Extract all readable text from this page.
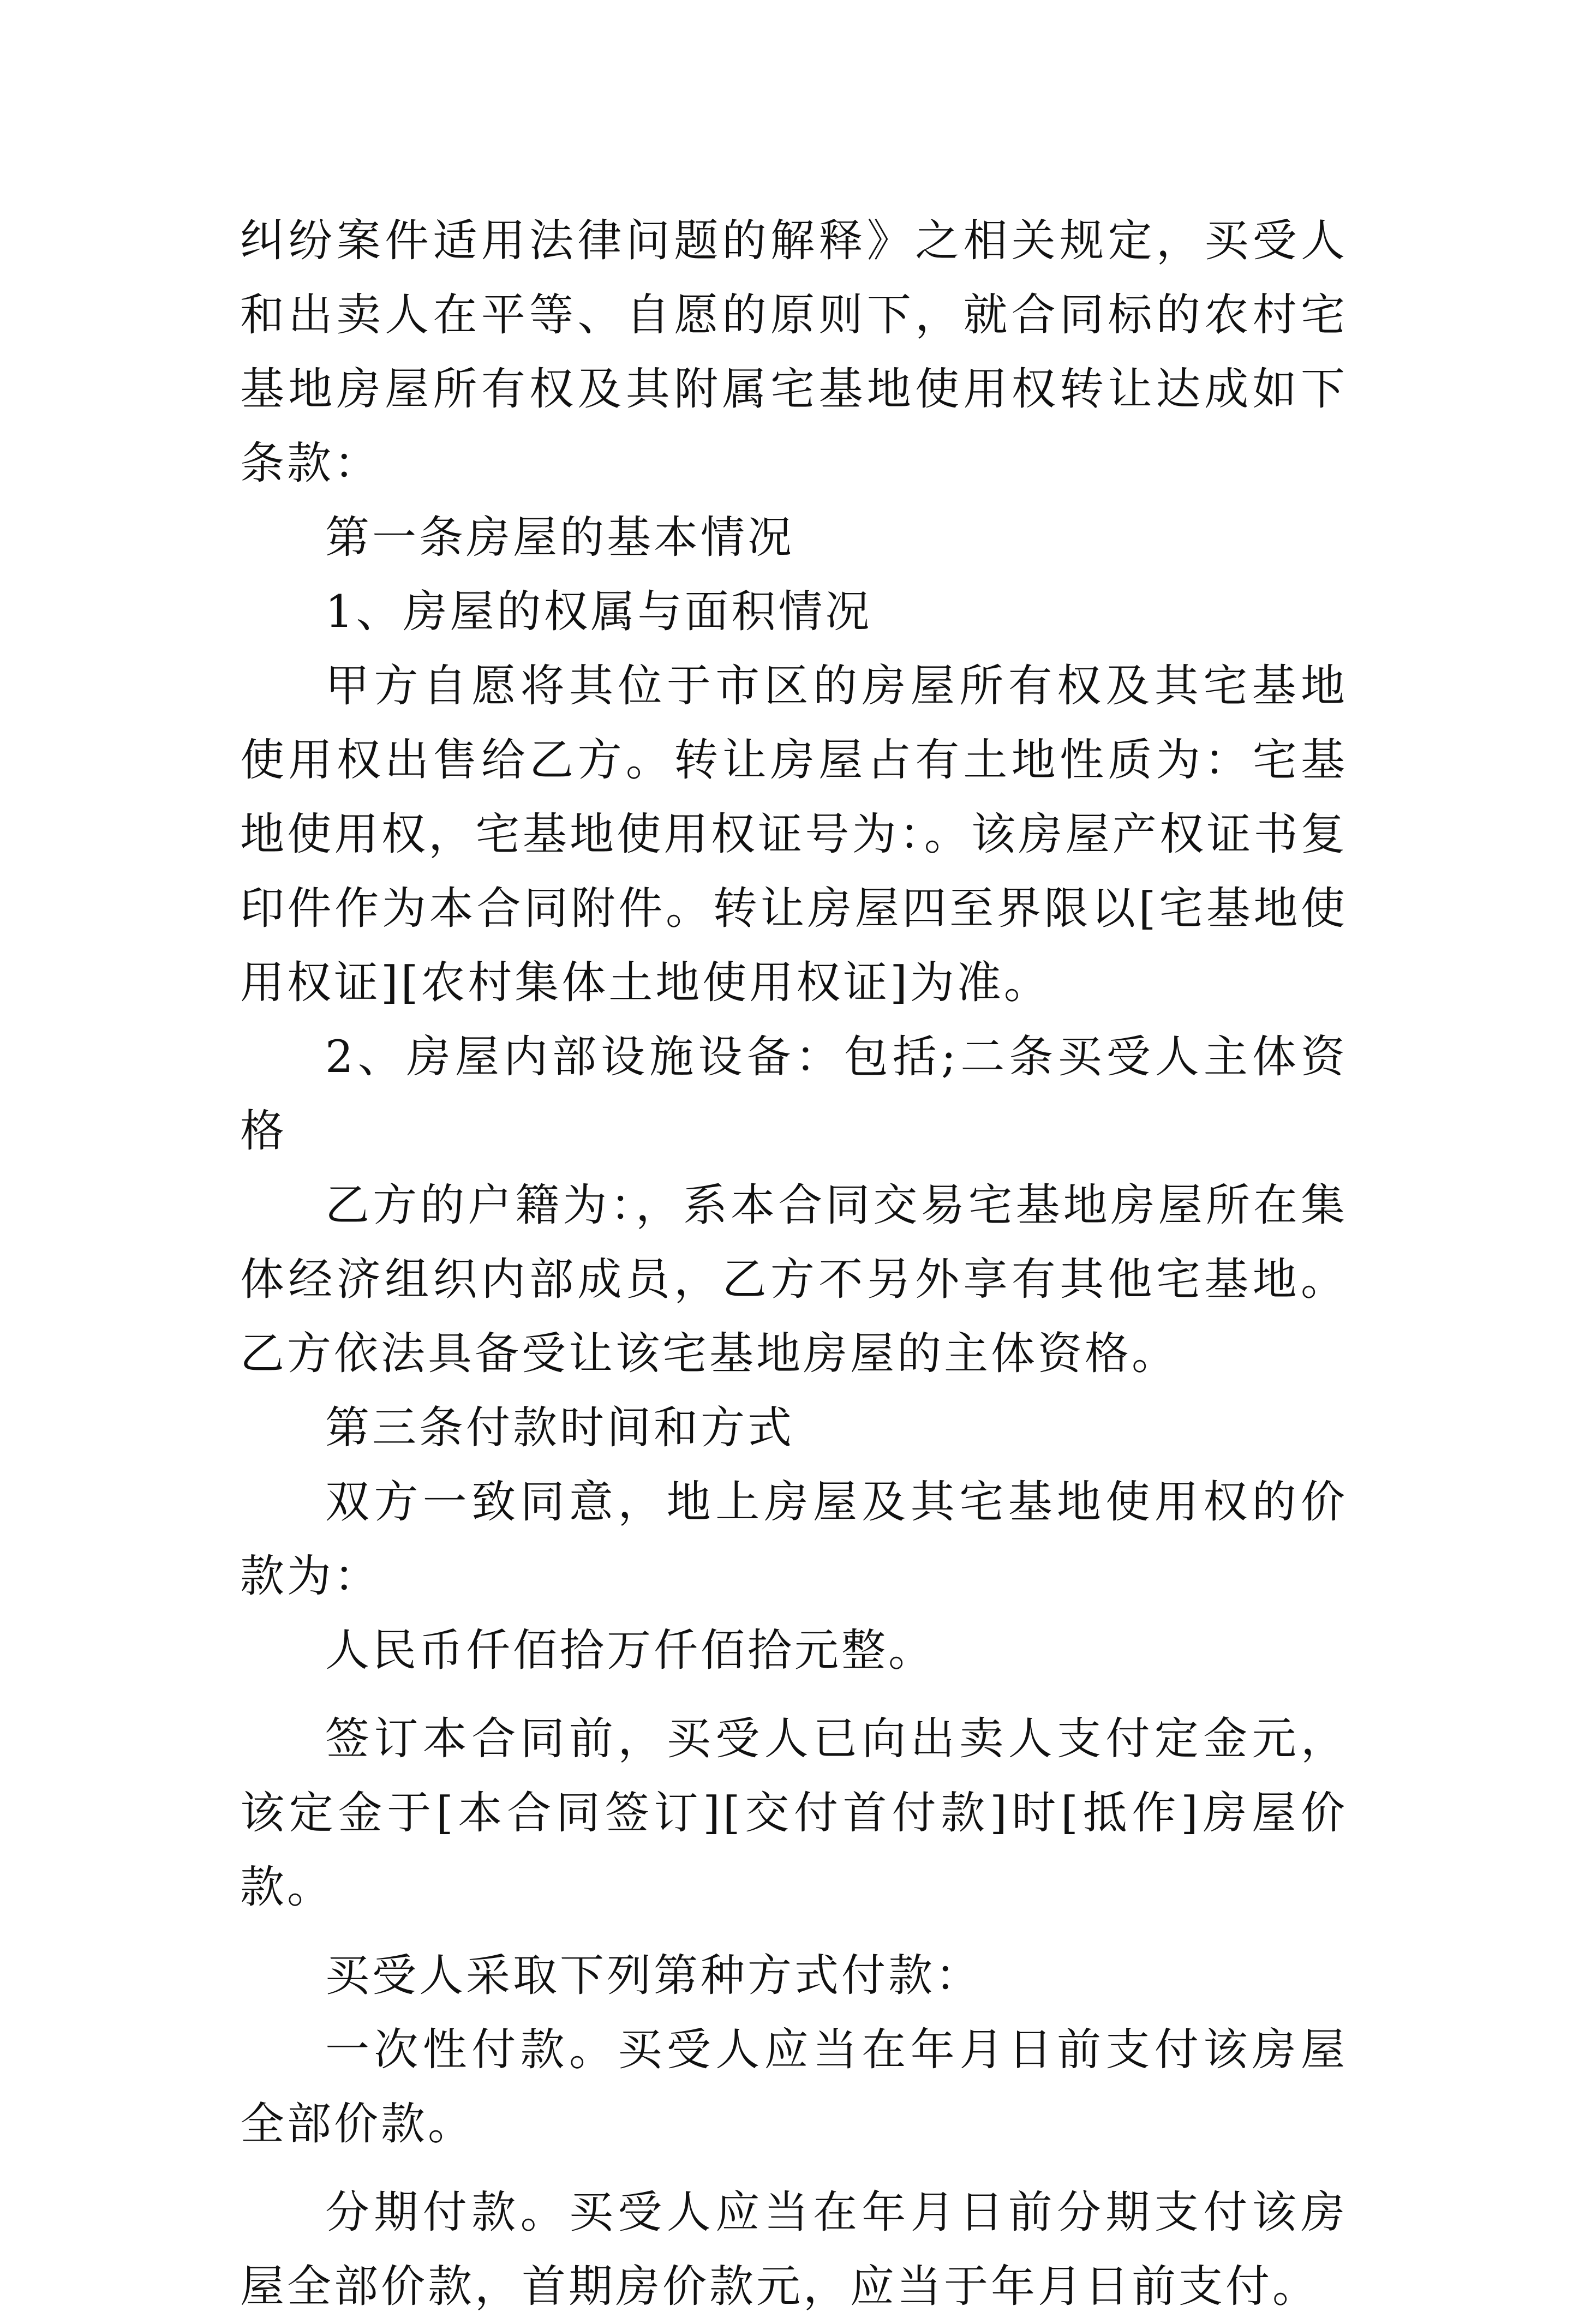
纠纷案件适用法律问题的解释》之相关规定，买受人和出卖人在平等、自愿的原则下，就合同标的农村宅基地房屋所有权及其附属宅基地使用权转让达成如下条款：

第一条房屋的基本情况

1、房屋的权属与面积情况

甲方自愿将其位于市区的房屋所有权及其宅基地使用权出售给乙方。转让房屋占有土地性质为：宅基地使用权，宅基地使用权证号为：。该房屋产权证书复印件作为本合同附件。转让房屋四至界限以[宅基地使用权证][农村集体土地使用权证]为准。

2、房屋内部设施设备：包括;二条买受人主体资格

乙方的户籍为：，系本合同交易宅基地房屋所在集体经济组织内部成员，乙方不另外享有其他宅基地。乙方依法具备受让该宅基地房屋的主体资格。

第三条付款时间和方式

双方一致同意，地上房屋及其宅基地使用权的价款为：

人民币仟佰拾万仟佰拾元整。

签订本合同前，买受人已向出卖人支付定金元，该定金于[本合同签订][交付首付款]时[抵作]房屋价款。

买受人采取下列第种方式付款：

一次性付款。买受人应当在年月日前支付该房屋全部价款。

分期付款。买受人应当在年月日前分期支付该房屋全部价款，首期房价款元，应当于年月日前支付。
